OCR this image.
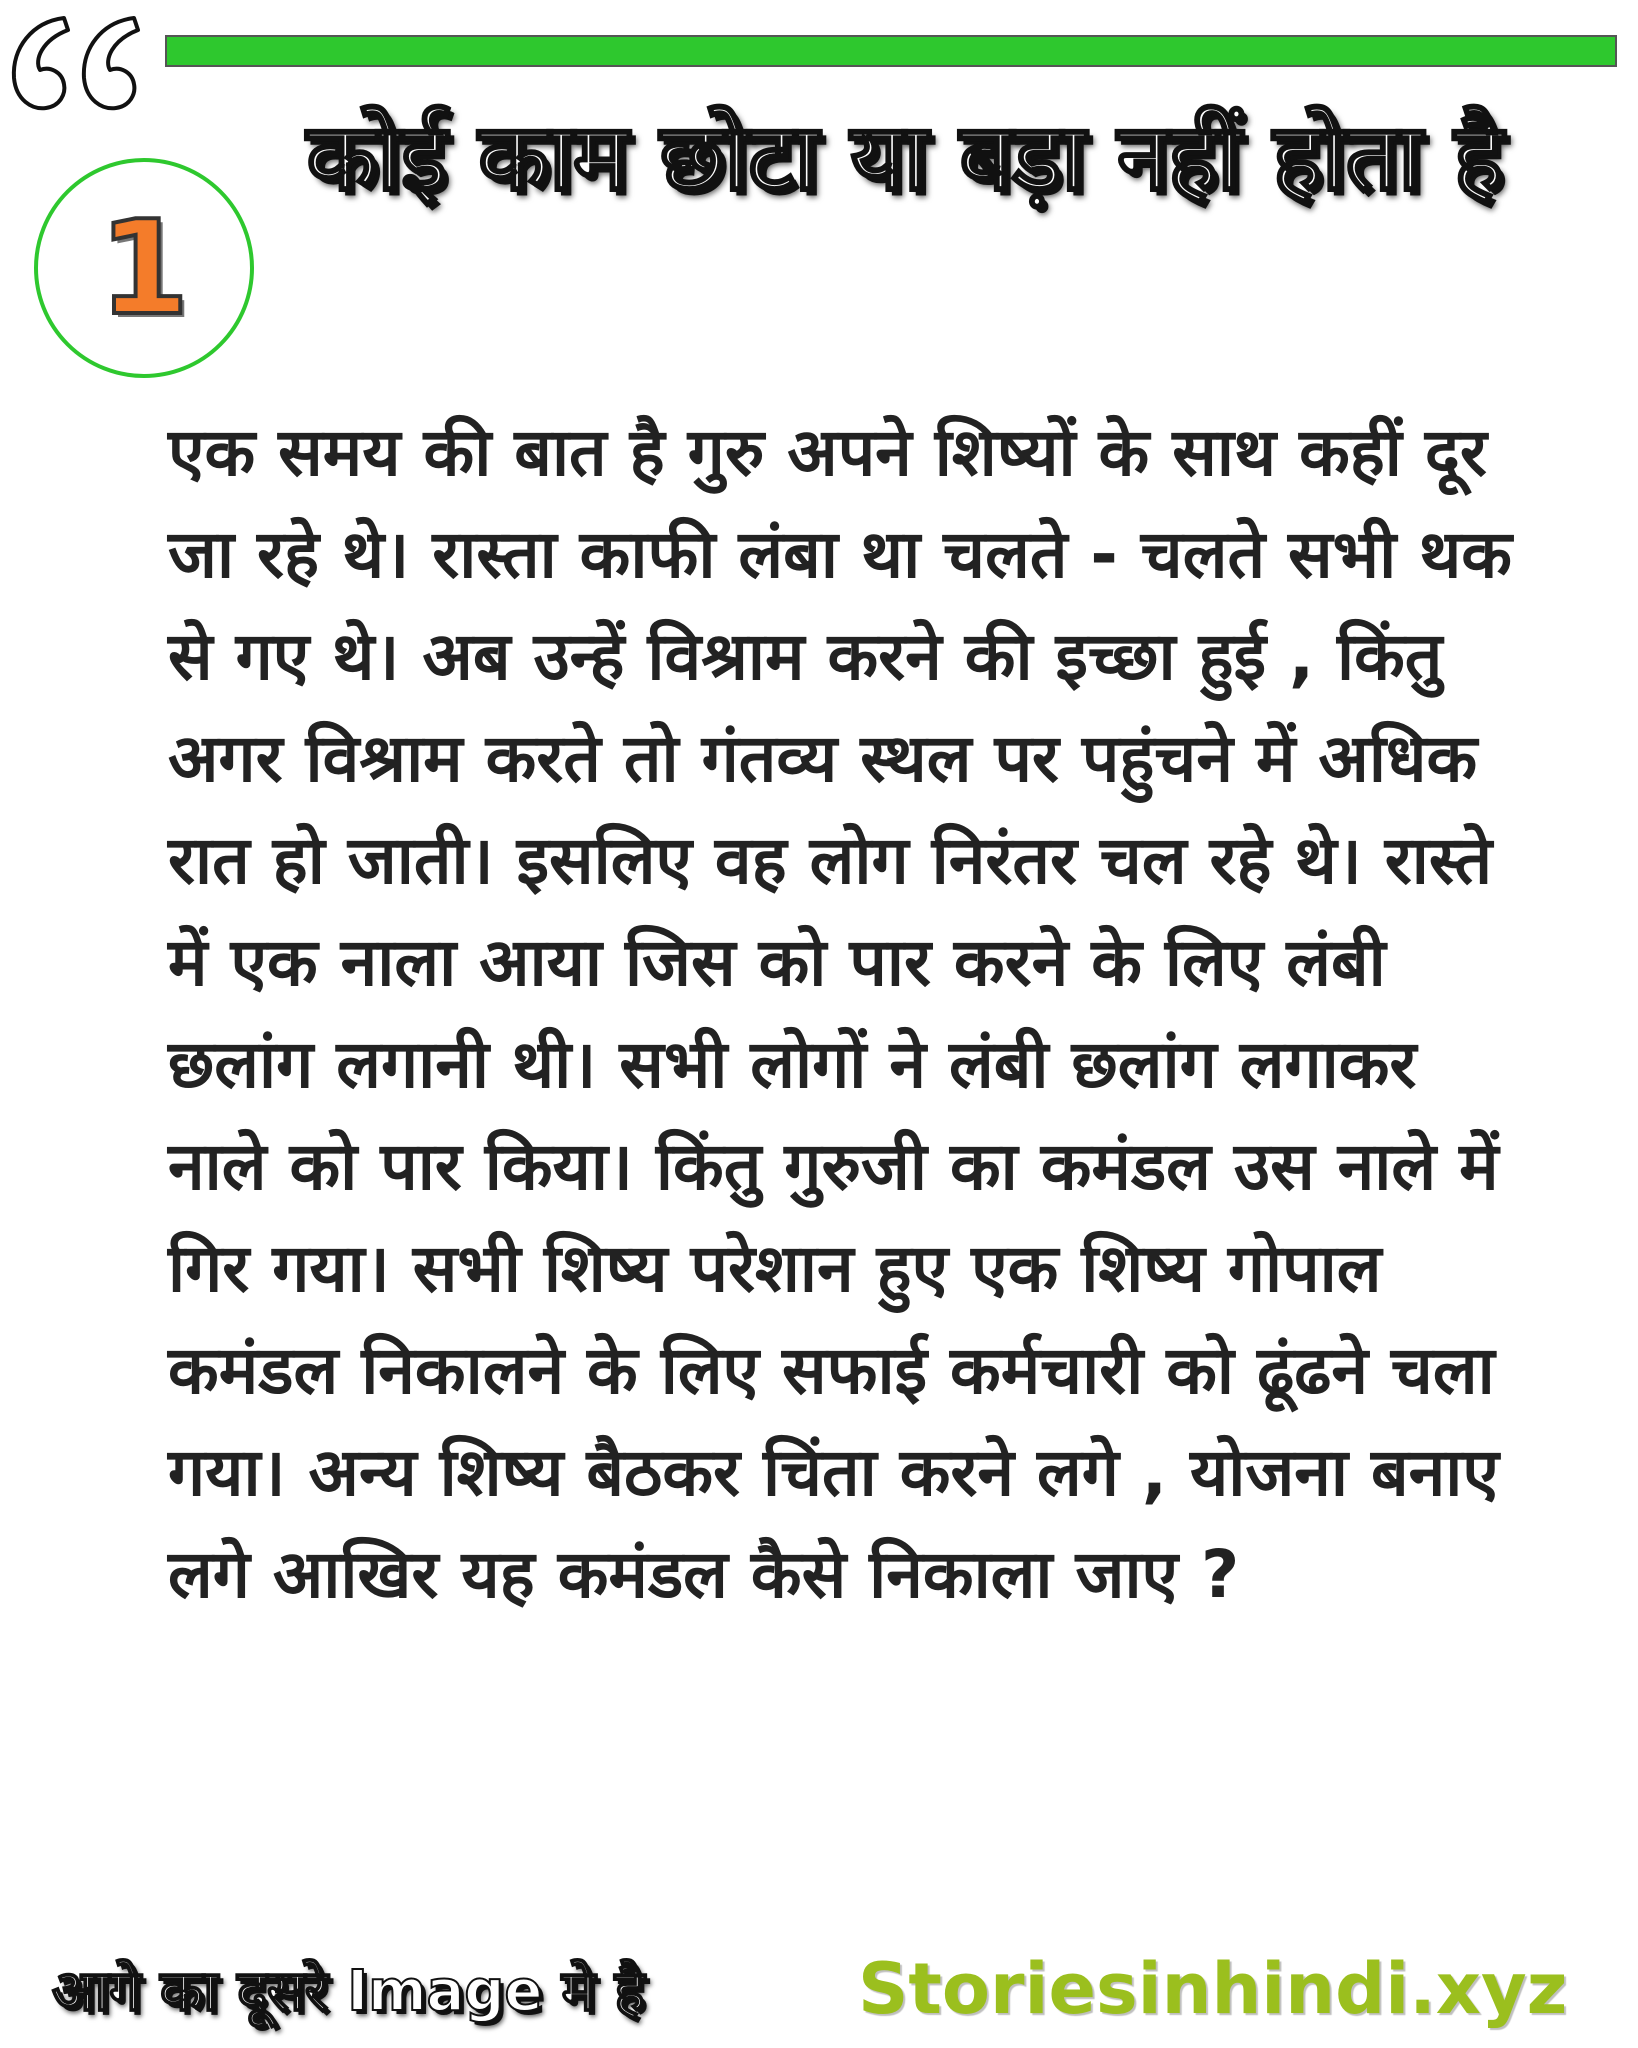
1
कोई काम छोटा या बड़ा नहीं होता है

एक समय की बात है गुरु अपने शिष्यों के साथ कहीं दूर जा रहे थे। रास्ता काफी लंबा था चलते - चलते सभी थक से गए थे। अब उन्हें विश्राम करने की इच्छा हुई , किंतु अगर विश्राम करते तो गंतव्य स्थल पर पहुंचने में अधिक रात हो जाती। इसलिए वह लोग निरंतर चल रहे थे। रास्ते में एक नाला आया जिस को पार करने के लिए लंबी छलांग लगानी थी। सभी लोगों ने लंबी छलांग लगाकर नाले को पार किया। किंतु गुरुजी का कमंडल उस नाले में गिर गया। सभी शिष्य परेशान हुए एक शिष्य गोपाल कमंडल निकालने के लिए सफाई कर्मचारी को ढूंढने चला गया। अन्य शिष्य बैठकर चिंता करने लगे , योजना बनाए लगे आखिर यह कमंडल कैसे निकाला जाए ?

आगे का दूसरे Image मे है	Storiesinhindi.xyz
